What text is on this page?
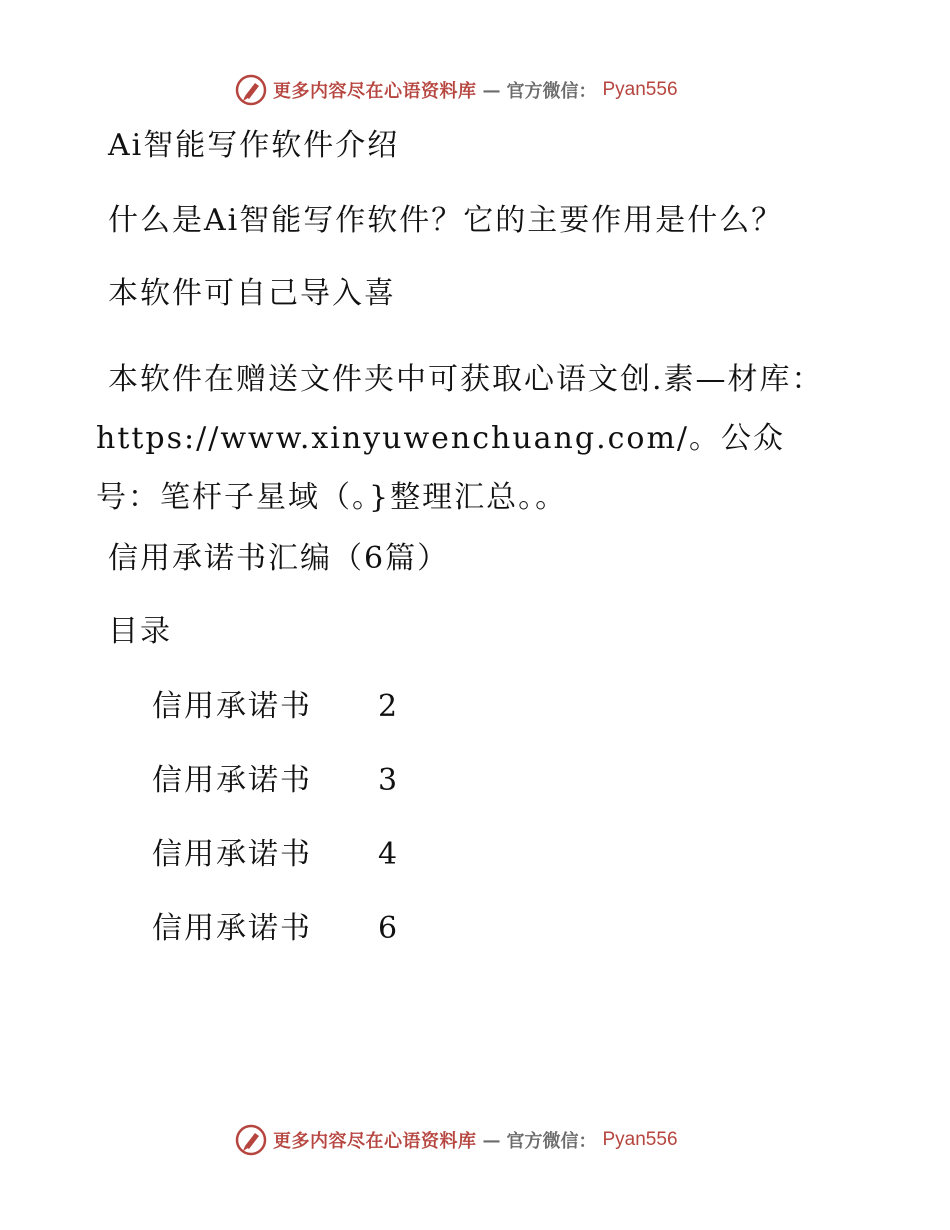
更多内容尽在心语资料库 — 官方微信： Pyan556
Ai智能写作软件介绍
什么是Ai智能写作软件？它的主要作用是什么？
本软件可自己导入喜
本软件在赠送文件夹中可获取心语文创.素—材库：https://www.xinyuwenchuang.com/。公众号：笔杆子星域（。}整理汇总。。
信用承诺书汇编（6篇）
目录
信用承诺书 2
信用承诺书 3
信用承诺书 4
信用承诺书 6
更多内容尽在心语资料库 — 官方微信： Pyan556
